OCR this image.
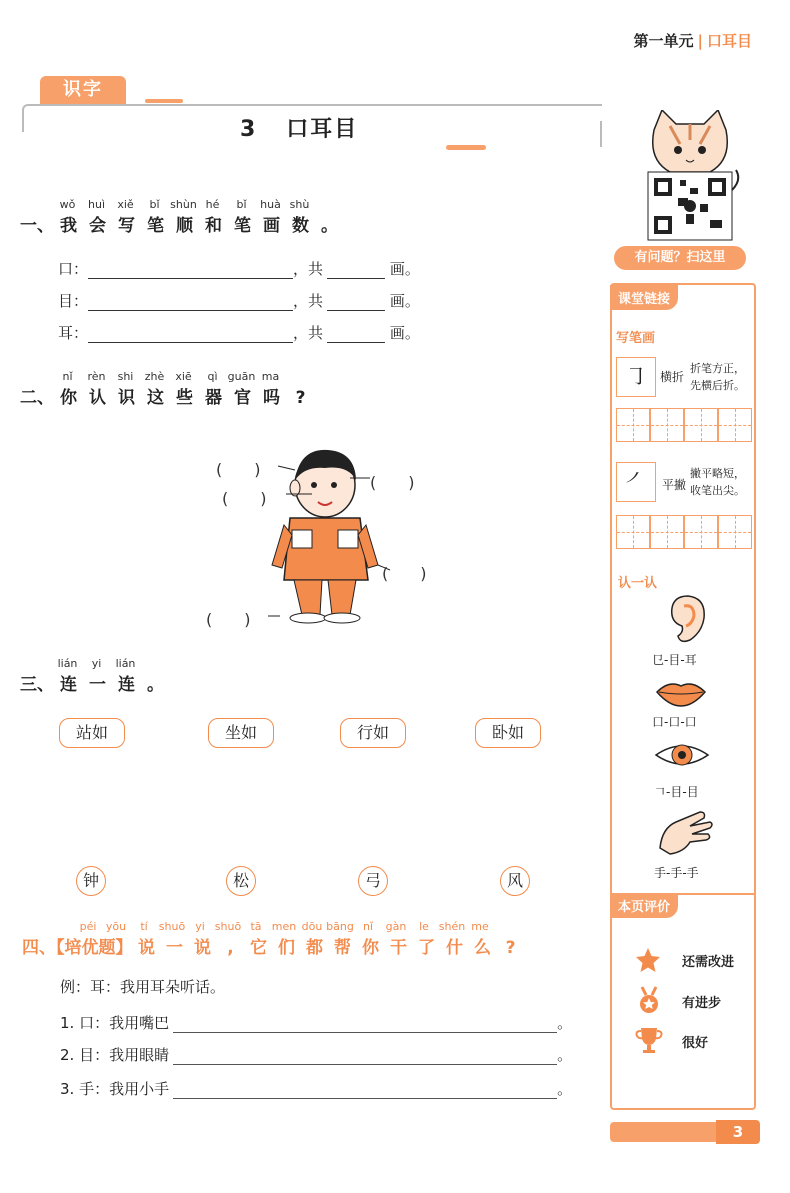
第一单元 | 口耳目
识字
3 口耳目
wǒ	huì	xiě	bǐ shùn hé	bǐ	huà shù
一、 我 会 写 笔 顺 和 笔 画 数 。
口：	，共	画。
目：	，共	画。
耳：	，共	画。
nǐ	rèn	shi	zhè	xiē	qì guān ma
二、 你 认 识 这 些 器 官 吗 ?
(　　)
(　　)
(　　)
(　　)
(　　)
lián	yi	lián
三、 连 一 连 。
站如	坐如	行如	卧如
钟	松	弓	风
péi yōu	tí	shuō yi shuō tā men dōu bāng nǐ	gàn	le shén me
四、【培优题】 说 一 说 , 它 们 都 帮 你 干 了 什 么 ?
例：耳：我用耳朵听话。
1. 口：我用嘴巴	。
2. 目：我用眼睛	。
3. 手：我用小手	。
有问题？扫这里
课堂链接
写笔画
㇆	横折
折笔方正，
先横后折。
㇒	平撇
撇平略短，
收笔出尖。
认一认
㔾-目-耳
口-口-口
𠃍-目-目
手-手-手
本页评价
还需改进
有进步
很好
3
